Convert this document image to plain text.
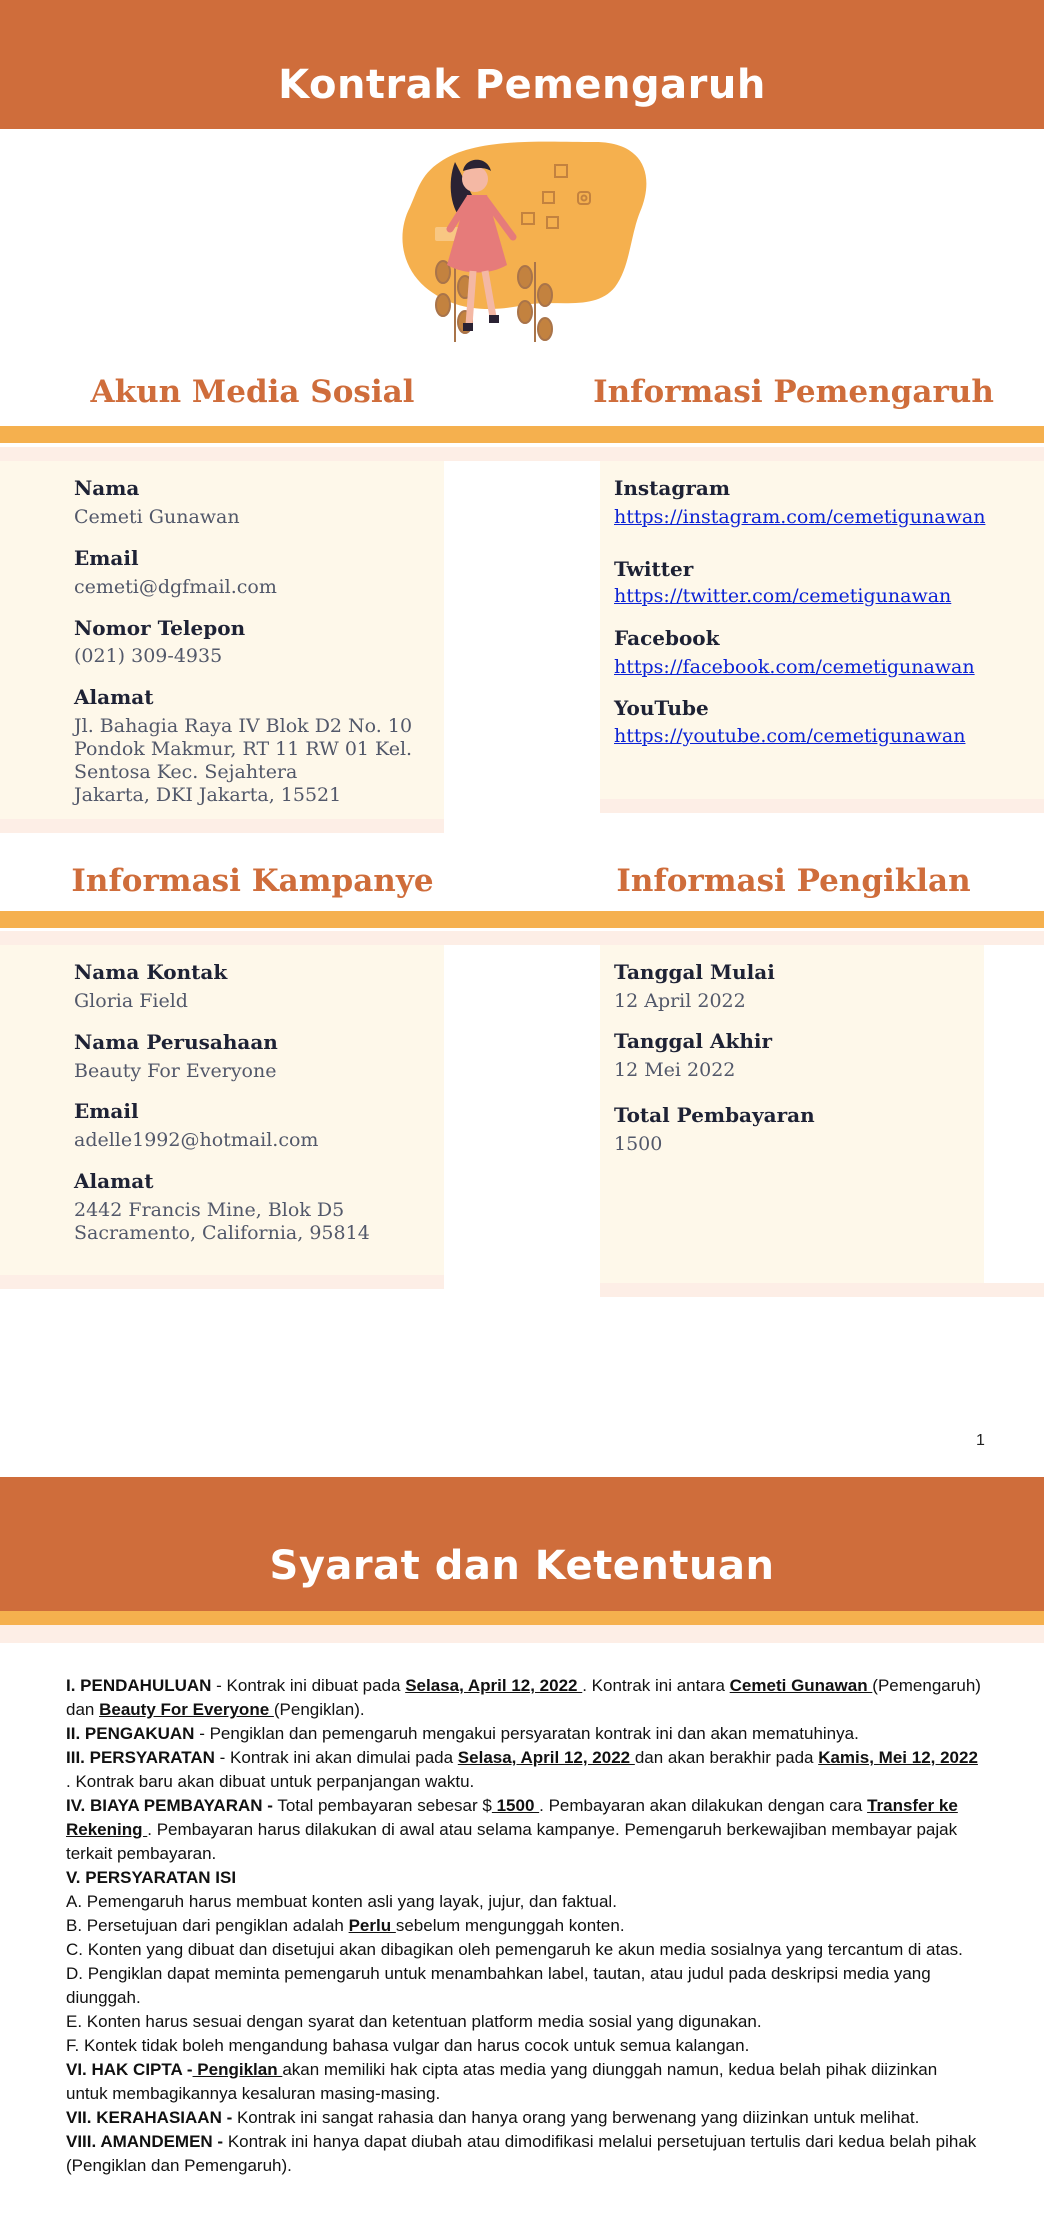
Kontrak Pemengaruh
Akun Media Sosial	Informasi Pemengaruh
Nama
Cemeti Gunawan
Email
cemeti@dgfmail.com
Nomor Telepon
(021) 309-4935
Alamat
Jl. Bahagia Raya IV Blok D2 No. 10
Pondok Makmur, RT 11 RW 01 Kel.
Sentosa Kec. Sejahtera
Jakarta, DKI Jakarta, 15521
Instagram
https://instagram.com/cemetigunawan
Twitter
https://twitter.com/cemetigunawan
Facebook
https://facebook.com/cemetigunawan
YouTube
https://youtube.com/cemetigunawan
Informasi Kampanye	Informasi Pengiklan
Nama Kontak
Gloria Field
Nama Perusahaan
Beauty For Everyone
Email
adelle1992@hotmail.com
Alamat
2442 Francis Mine, Blok D5
Sacramento, California, 95814
Tanggal Mulai
12 April 2022
Tanggal Akhir
12 Mei 2022
Total Pembayaran
1500
1
Syarat dan Ketentuan

I. PENDAHULUAN - Kontrak ini dibuat pada Selasa, April 12, 2022 . Kontrak ini antara Cemeti Gunawan (Pemengaruh) dan Beauty For Everyone (Pengiklan).

II. PENGAKUAN - Pengiklan dan pemengaruh mengakui persyaratan kontrak ini dan akan mematuhinya.

III. PERSYARATAN - Kontrak ini akan dimulai pada Selasa, April 12, 2022 dan akan berakhir pada Kamis, Mei 12, 2022 . Kontrak baru akan dibuat untuk perpanjangan waktu.

IV. BIAYA PEMBAYARAN - Total pembayaran sebesar $ 1500 . Pembayaran akan dilakukan dengan cara Transfer ke Rekening . Pembayaran harus dilakukan di awal atau selama kampanye. Pemengaruh berkewajiban membayar pajak terkait pembayaran.

V. PERSYARATAN ISI

A. Pemengaruh harus membuat konten asli yang layak, jujur, dan faktual.

B. Persetujuan dari pengiklan adalah Perlu sebelum mengunggah konten.

C. Konten yang dibuat dan disetujui akan dibagikan oleh pemengaruh ke akun media sosialnya yang tercantum di atas.

D. Pengiklan dapat meminta pemengaruh untuk menambahkan label, tautan, atau judul pada deskripsi media yang diunggah.

E. Konten harus sesuai dengan syarat dan ketentuan platform media sosial yang digunakan.

F. Kontek tidak boleh mengandung bahasa vulgar dan harus cocok untuk semua kalangan.

VI. HAK CIPTA - Pengiklan akan memiliki hak cipta atas media yang diunggah namun, kedua belah pihak diizinkan untuk membagikannya kesaluran masing-masing.

VII. KERAHASIAAN - Kontrak ini sangat rahasia dan hanya orang yang berwenang yang diizinkan untuk melihat.

VIII. AMANDEMEN - Kontrak ini hanya dapat diubah atau dimodifikasi melalui persetujuan tertulis dari kedua belah pihak (Pengiklan dan Pemengaruh).
